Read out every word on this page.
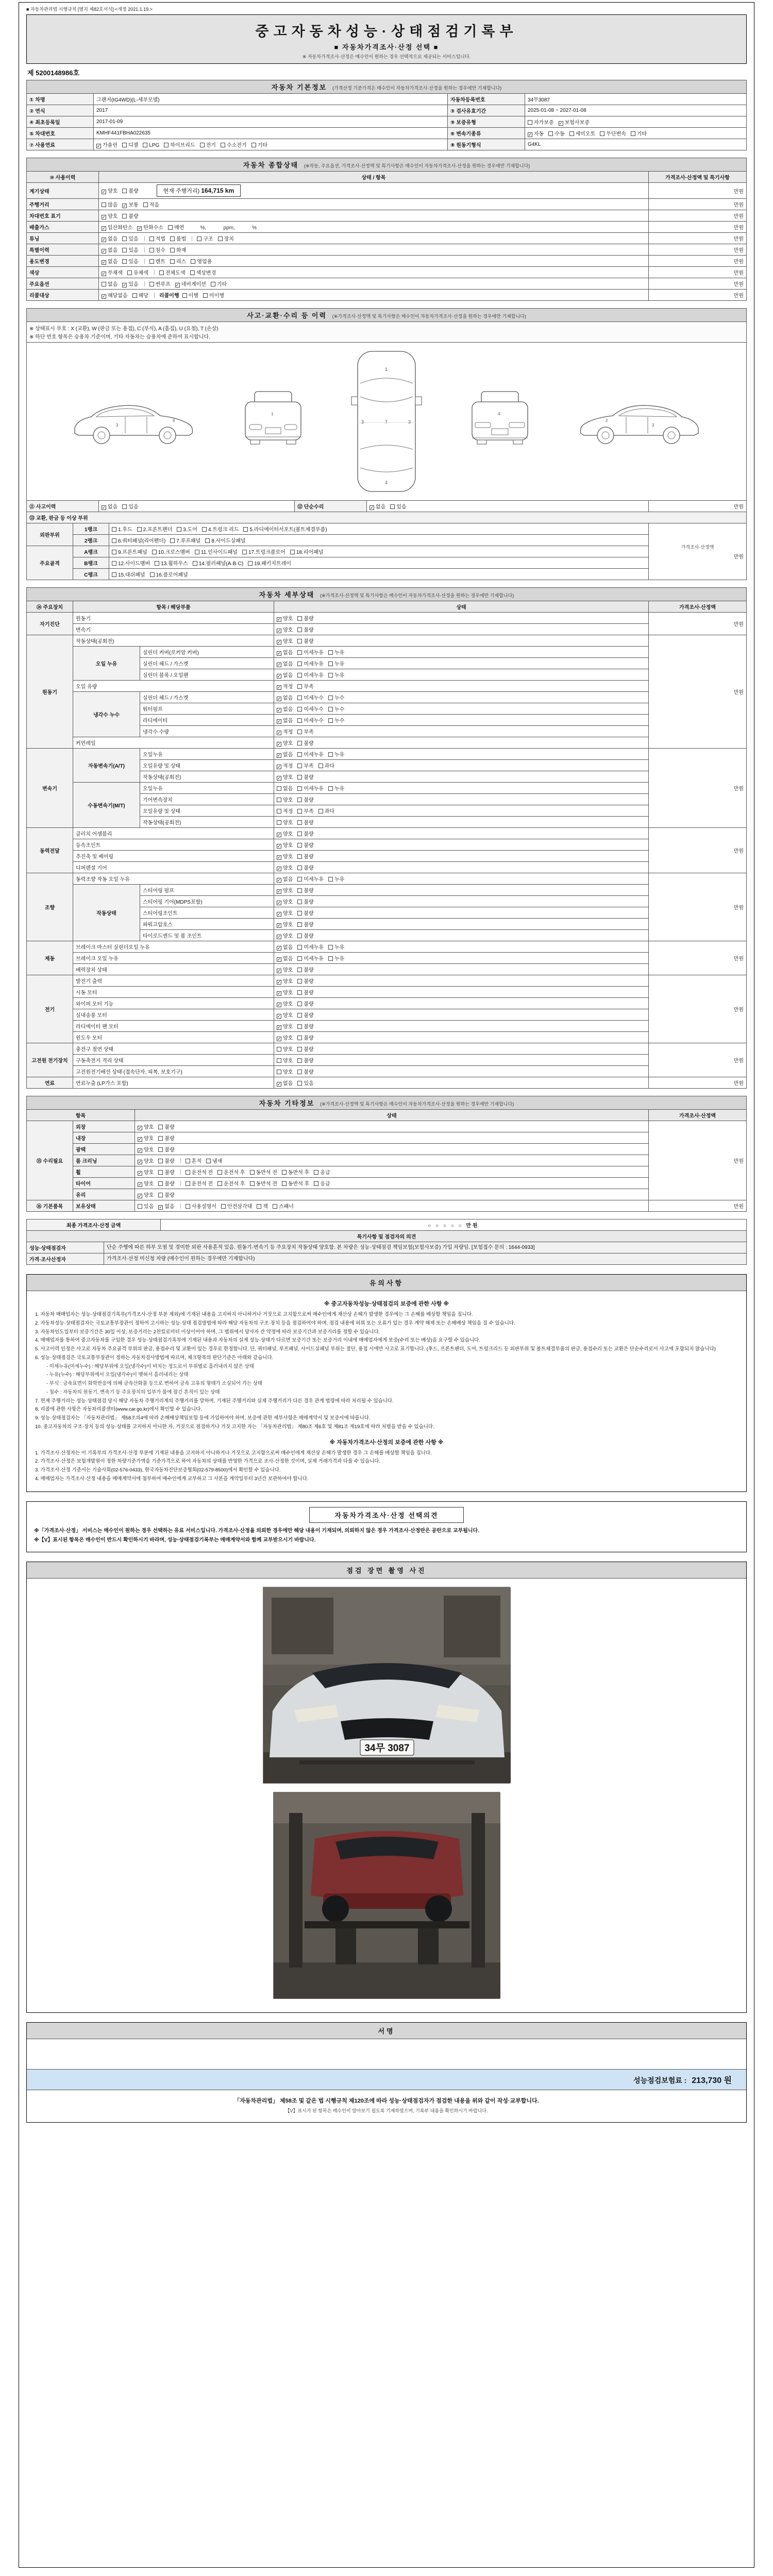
■ 자동차관리법 시행규칙 [별지 제82호서식] <개정 2021.1.19.>
중고자동차성능·상태점검기록부
■ 자동차가격조사·산정 선택 ■
※ 자동차가격조사·산정은 매수인이 원하는 경우 선택적으로 제공되는 서비스입니다.
제 5200148986호
자동차 기본정보 (가격산정 기준가격은 매수인이 자동차가격조사·산정을 원하는 경우에만 기재합니다)			
① 차명	그랜저(IG4WD)(L-세부모델)	자동차등록번호	34무3087
② 연식	2017	③ 검사유효기간	2025-01-08 ~ 2027-01-08
④ 최초등록일	2017-01-09	⑨ 보증유형	자가보증 ✓ 보험사보증
⑤ 차대번호	KMHF441FBHA022635	⑥ 변속기종류	✓ 자동 수동 세미오토 무단변속 기타
⑦ 사용연료	✓ 가솔린 디젤 LPG 하이브리드 전기 수소전기 기타	⑧ 원동기형식	G4KL
자동차 종합상태 (※작동, 주요옵션, 가격조사·산정액 및 특기사항은 매수인이 자동차가격조사·산정을 원하는 경우에만 기재합니다)		
⑩ 사용이력	상태 / 항목	가격조사·산정액 및 특기사항
계기상태	✓ 양호 불량 현재 주행거리) 164,715 km	만원
주행거리	많음 ✓ 보통 적음	만원
차대번호 표기	✓ 양호 불량	만원
배출가스	✓ 일산화탄소 ✓ 탄화수소 매연        %,            ppm,            %	만원
튜닝	✓ 없음 있음 적법 불법 구조 장치	만원
특별이력	✓ 없음 있음 침수 화재	만원
용도변경	✓ 없음 있음 렌트 리스 영업용	만원
색상	✓ 무채색 유채색 전체도색 색상변경	만원
주요옵션	없음 ✓ 있음 썬루프 ✓ 네비게이션 기타	만원
리콜대상	✓ 해당없음 해당 리콜이행 이행 미이행	만원
사고·교환·수리 등 이력 (※가격조사·산정액 및 특기사항은 매수인이 자동차가격조사·산정을 원하는 경우에만 기재합니다)

※ 상태표시 부호 : X (교환), W (판금 또는 용접), C (부식), A (흠집), U (요철), T (손상)
※ 하단 번호 항목은 승용차 기준이며, 기타 자동차는 승용차에 준하여 표시합니다.

3
6
1
1
7
4
3	3
4
2
3

⑪ 사고이력	✓ 없음 있음	⑫ 단순수리	✓ 없음 있음	만원
⑬ 교환, 판금 등 이상 부위			
외판부위	1랭크	1.후드 2.프론트펜더 3.도어 4.트렁크 리드 5.라디에이터서포트(볼트체결부품)	가격조사·산정액
만원

	2랭크	6.쿼터패널(리어펜더) 7.루프패널 8.사이드실패널	
주요골격	A랭크	9.프론트패널 10.크로스멤버 11.인사이드패널 17.트렁크플로어 18.리어패널	
	B랭크	12.사이드멤버 13.휠하우스 14.필러패널(A·B·C) 19.패키지트레이	
	C랭크	15.대쉬패널 16.플로어패널	
자동차 세부상태 (※가격조사·산정액 및 특기사항은 매수인이 자동차가격조사·산정을 원하는 경우에만 기재합니다)				
⑭ 주요장치	항목 / 해당부품		상태	가격조사·산정액
자기진단	원동기		✓ 양호 불량	만원
	변속기		✓ 양호 불량	
원동기	작동상태(공회전)		✓ 양호 불량	만원
	오일 누유	실린더 커버(로커암 커버)	✓ 없음 미세누유 누유	
		실린더 헤드 / 가스켓	✓ 없음 미세누유 누유	
		실린더 블록 / 오일팬	✓ 없음 미세누유 누유	
	오일 유량		✓ 적정 부족	
	냉각수 누수	실린더 헤드 / 가스켓	✓ 없음 미세누수 누수	
		워터펌프	✓ 없음 미세누수 누수	
		라디에이터	✓ 없음 미세누수 누수	
		냉각수 수량	✓ 적정 부족	
	커먼레일		✓ 양호 불량	
변속기	자동변속기(A/T)	오일누유	✓ 없음 미세누유 누유	만원
		오일유량 및 상태	✓ 적정 부족 과다	
		작동상태(공회전)	✓ 양호 불량	
	수동변속기(M/T)	오일누유	없음 미세누유 누유	
		기어변속장치	양호 불량	
		오일유량 및 상태	적정 부족 과다	
		작동상태(공회전)	양호 불량	
동력전달	클러치 어셈블리		✓ 양호 불량	만원
	등속조인트		✓ 양호 불량	
	추진축 및 베어링		✓ 양호 불량	
	디퍼렌셜 기어		✓ 양호 불량	
조향	동력조향 작동 오일 누유		✓ 없음 미세누유 누유	만원
	작동상태	스티어링 펌프	✓ 양호 불량	
		스티어링 기어(MDPS포함)	✓ 양호 불량	
		스티어링조인트	✓ 양호 불량	
		파워고압호스	✓ 양호 불량	
		타이로드엔드 및 볼 조인트	✓ 양호 불량	
제동	브레이크 마스터 실린더오일 누유		✓ 없음 미세누유 누유	만원
	브레이크 오일 누유		✓ 없음 미세누유 누유	
	배력장치 상태		✓ 양호 불량	
전기	발전기 출력		✓ 양호 불량	만원
	시동 모터		✓ 양호 불량	
	와이퍼 모터 기능		✓ 양호 불량	
	실내송풍 모터		✓ 양호 불량	
	라디에이터 팬 모터		✓ 양호 불량	
	윈도우 모터		✓ 양호 불량	
고전원 전기장치	충전구 절연 상태		양호 불량	만원
	구동축전지 격리 상태		양호 불량	
	고전원전기배선 상태 (접속단자, 피복, 보호기구)		양호 불량	
연료	연료누출 (LP가스 포함)		✓ 없음 있음	만원
자동차 기타정보 (※가격조사·산정액 및 특기사항은 매수인이 자동차가격조사·산정을 원하는 경우에만 기재합니다)			
항목		상태	가격조사·산정액
⑮ 수리필요	외장	✓ 양호 불량	만원
	내장	✓ 양호 불량	
	광택	✓ 양호 불량	
	룸 크리닝	✓ 양호 불량 흔적 냄새	
	휠	✓ 양호 불량 운전석 전 운전석 후 동반석 전 동반석 후 응급	
	타이어	✓ 양호 불량 운전석 전 운전석 후 동반석 전 동반석 후 응급	
	유리	✓ 양호 불량	
⑯ 기본품목	보유상태	있음 ✓ 없음 사용설명서 안전삼각대 잭 스패너	만원
최종 가격조사·산정 금액	○ ○ ○ ○ ○ 만원
특기사항 및 점검자의 의견	
성능·상태점검자	단순 주행에 따른 하부 오염 및 경미한 외판 사용흔적 있음. 원동기·변속기 등 주요장치 작동상태 양호함. 본 차량은 성능·상태점검 책임보험(보험사보증) 가입 차량임. [보험접수 문의 : 1644-0933]
가격·조사산정자	가격조사·산정 미신청 차량 (매수인이 원하는 경우에만 기재합니다)
유의사항
※ 중고자동차성능·상태점검의 보증에 관한 사항 ※
1. 자동차 매매업자는 성능·상태점검기록부(가격조사·산정 부분 제외)에 기재된 내용을 고지하지 아니하거나 거짓으로 고지함으로써 매수인에게 재산상 손해가 발생한 경우에는 그 손해를 배상할 책임을 집니다.
2. 자동차성능·상태점검자는 국토교통부장관이 정하여 고시하는 성능·상태 점검방법에 따라 해당 자동차의 구조·장치 등을 점검하여야 하며, 점검 내용에 허위 또는 오류가 있는 경우 계약 해제 또는 손해배상 책임을 질 수 있습니다.
3. 자동차인도일부터 보증기간은 30일 이상, 보증거리는 2천킬로미터 이상이어야 하며, 그 범위에서 당사자 간 약정에 따라 보증기간과 보증거리를 정할 수 있습니다.
4. 매매업자를 통하여 중고자동차를 구입한 경우 성능·상태점검기록부에 기재된 내용과 자동차의 실제 성능·상태가 다르면 보증기간 또는 보증거리 이내에 매매업자에게 보증(수리 또는 배상)을 요구할 수 있습니다.
5. 사고이력 인정은 사고로 자동차 주요골격 부위의 판금, 용접수리 및 교환이 있는 경우로 한정합니다. 단, 쿼터패널, 루프패널, 사이드실패널 부위는 절단, 용접 시에만 사고로 표기합니다. (후드, 프론트펜더, 도어, 트렁크리드 등 외판부위 및 볼트체결부품의 판금, 용접수리 또는 교환은 단순수리로서 사고에 포함되지 않습니다)
6. 성능·상태점검은 국토교통부장관이 정하는 자동차검사방법에 따르며, 체크항목의 판단기준은 아래와 같습니다.
- 미세누유(미세누수) : 해당부위에 오일(냉각수)이 비치는 정도로서 부위별로 흘러내리지 않은 상태
- 누유(누수) : 해당부위에서 오일(냉각수)이 맺혀서 흘러내리는 상태
- 부식 : 금속표면이 화학반응에 의해 금속산화물 등으로 변하여 금속 고유의 형태가 소실되어 가는 상태
- 침수 : 자동차의 원동기, 변속기 등 주요장치의 일부가 물에 잠긴 흔적이 있는 상태
7. 현재 주행거리는 성능·상태점검 당시 해당 자동차 주행거리계의 주행거리를 말하며, 기재된 주행거리와 실제 주행거리가 다른 경우 관계 법령에 따라 처리될 수 있습니다.
8. 리콜에 관한 사항은 자동차리콜센터(www.car.go.kr)에서 확인할 수 있습니다.
9. 성능·상태점검자는 「자동차관리법」 제58조의4에 따라 손해배상책임보험 등에 가입하여야 하며, 보증에 관한 세부사항은 매매계약서 및 보증서에 따릅니다.
10. 중고자동차의 구조·장치 등의 성능·상태를 고지하지 아니한 자, 거짓으로 점검하거나 거짓 고지한 자는 「자동차관리법」 제80조 제6호 및 제81조 제19호에 따라 처벌을 받을 수 있습니다.
※ 자동차가격조사·산정의 보증에 관한 사항 ※
1. 가격조사·산정자는 이 기록부의 가격조사·산정 부분에 기재된 내용을 고지하지 아니하거나 거짓으로 고지함으로써 매수인에게 재산상 손해가 발생한 경우 그 손해를 배상할 책임을 집니다.
2. 가격조사·산정은 보험개발원이 정한 차량기준가액을 기준가격으로 하여 자동차의 상태를 반영한 가격으로 조사·산정한 것이며, 실제 거래가격과 다를 수 있습니다.
3. 가격조사·산정 기준서는 기술사회(02-576-0433), 한국자동차진단보증협회(02-579-8500)에서 확인할 수 있습니다.
4. 매매업자는 가격조사·산정 내용을 매매계약서에 첨부하여 매수인에게 교부하고 그 사본을 계약일부터 3년간 보관하여야 합니다.
자동차가격조사·산정 선택의견
※「가격조사·산정」 서비스는 매수인이 원하는 경우 선택하는 유료 서비스입니다. 가격조사·산정을 의뢰한 경우에만 해당 내용이 기재되며, 의뢰하지 않은 경우 가격조사·산정란은 공란으로 교부됩니다.
※【V】표시된 항목은 매수인이 반드시 확인하시기 바라며, 성능·상태점검기록부는 매매계약서와 함께 교부받으시기 바랍니다.
점검 장면 촬영 사진
34무 3087
서명
성능점검보험료 : 213,730 원
「자동차관리법」 제58조 및 같은 법 시행규칙 제120조에 따라 성능·상태점검자가 점검한 내용을 위와 같이 작성·교부합니다.
【V】표시가 된 항목은 매수인이 알아보기 쉽도록 기재하였으며, 기록부 내용을 확인하시기 바랍니다.
